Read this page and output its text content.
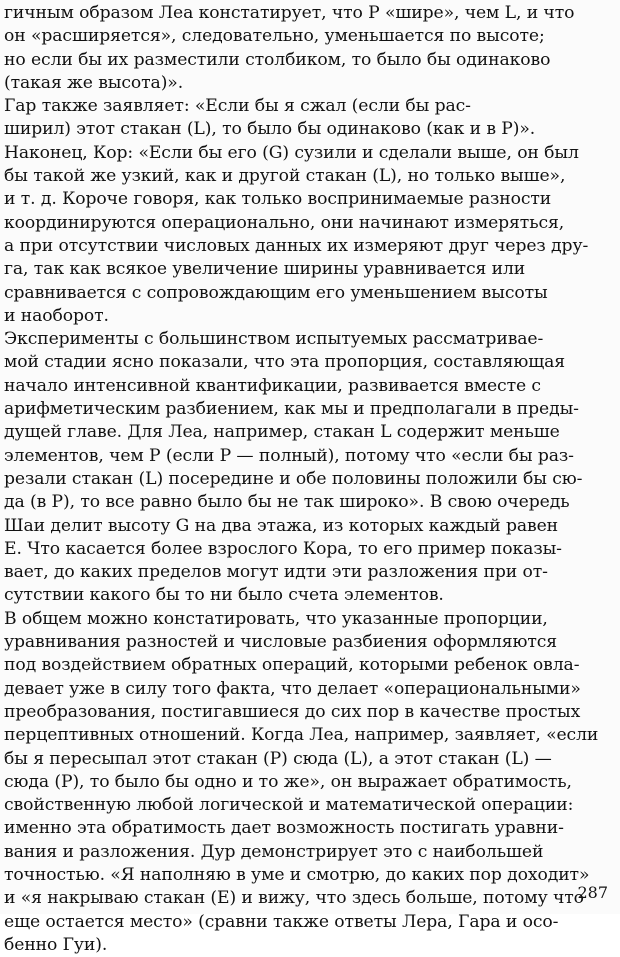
гичным образом Леа констатирует, что P «шире», чем L, и что
он «расширяется», следовательно, уменьшается по высоте;
но если бы их разместили столбиком, то было бы одинаково
(такая же высота)».
Гар также заявляет: «Если бы я сжал (если бы рас-
ширил) этот стакан (L), то было бы одинаково (как и в P)».
Наконец, Кор: «Если бы его (G) сузили и сделали выше, он был
бы такой же узкий, как и другой стакан (L), но только выше»,
и т. д. Короче говоря, как только воспринимаемые разности
координируются операционально, они начинают измеряться,
а при отсутствии числовых данных их измеряют друг через дру-
га, так как всякое увеличение ширины уравнивается или
сравнивается с сопровождающим его уменьшением высоты
и наоборот.
Эксперименты с большинством испытуемых рассматривае-
мой стадии ясно показали, что эта пропорция, составляющая
начало интенсивной квантификации, развивается вместе с
арифметическим разбиением, как мы и предполагали в преды-
дущей главе. Для Леа, например, стакан L содержит меньше
элементов, чем P (если P — полный), потому что «если бы раз-
резали стакан (L) посередине и обе половины положили бы сю-
да (в P), то все равно было бы не так широко». В свою очередь
Шаи делит высоту G на два этажа, из которых каждый равен
E. Что касается более взрослого Кора, то его пример показы-
вает, до каких пределов могут идти эти разложения при от-
сутствии какого бы то ни было счета элементов.
В общем можно констатировать, что указанные пропорции,
уравнивания разностей и числовые разбиения оформляются
под воздействием обратных операций, которыми ребенок овла-
девает уже в силу того факта, что делает «операциональными»
преобразования, постигавшиеся до сих пор в качестве простых
перцептивных отношений. Когда Леа, например, заявляет, «если
бы я пересыпал этот стакан (P) сюда (L), а этот стакан (L) —
сюда (P), то было бы одно и то же», он выражает обратимость,
свойственную любой логической и математической операции:
именно эта обратимость дает возможность постигать уравни-
вания и разложения. Дур демонстрирует это с наибольшей
точностью. «Я наполняю в уме и смотрю, до каких пор доходит»
и «я накрываю стакан (E) и вижу, что здесь больше, потому что
еще остается место» (сравни также ответы Лера, Гара и осо-
бенно Гуи).
287
